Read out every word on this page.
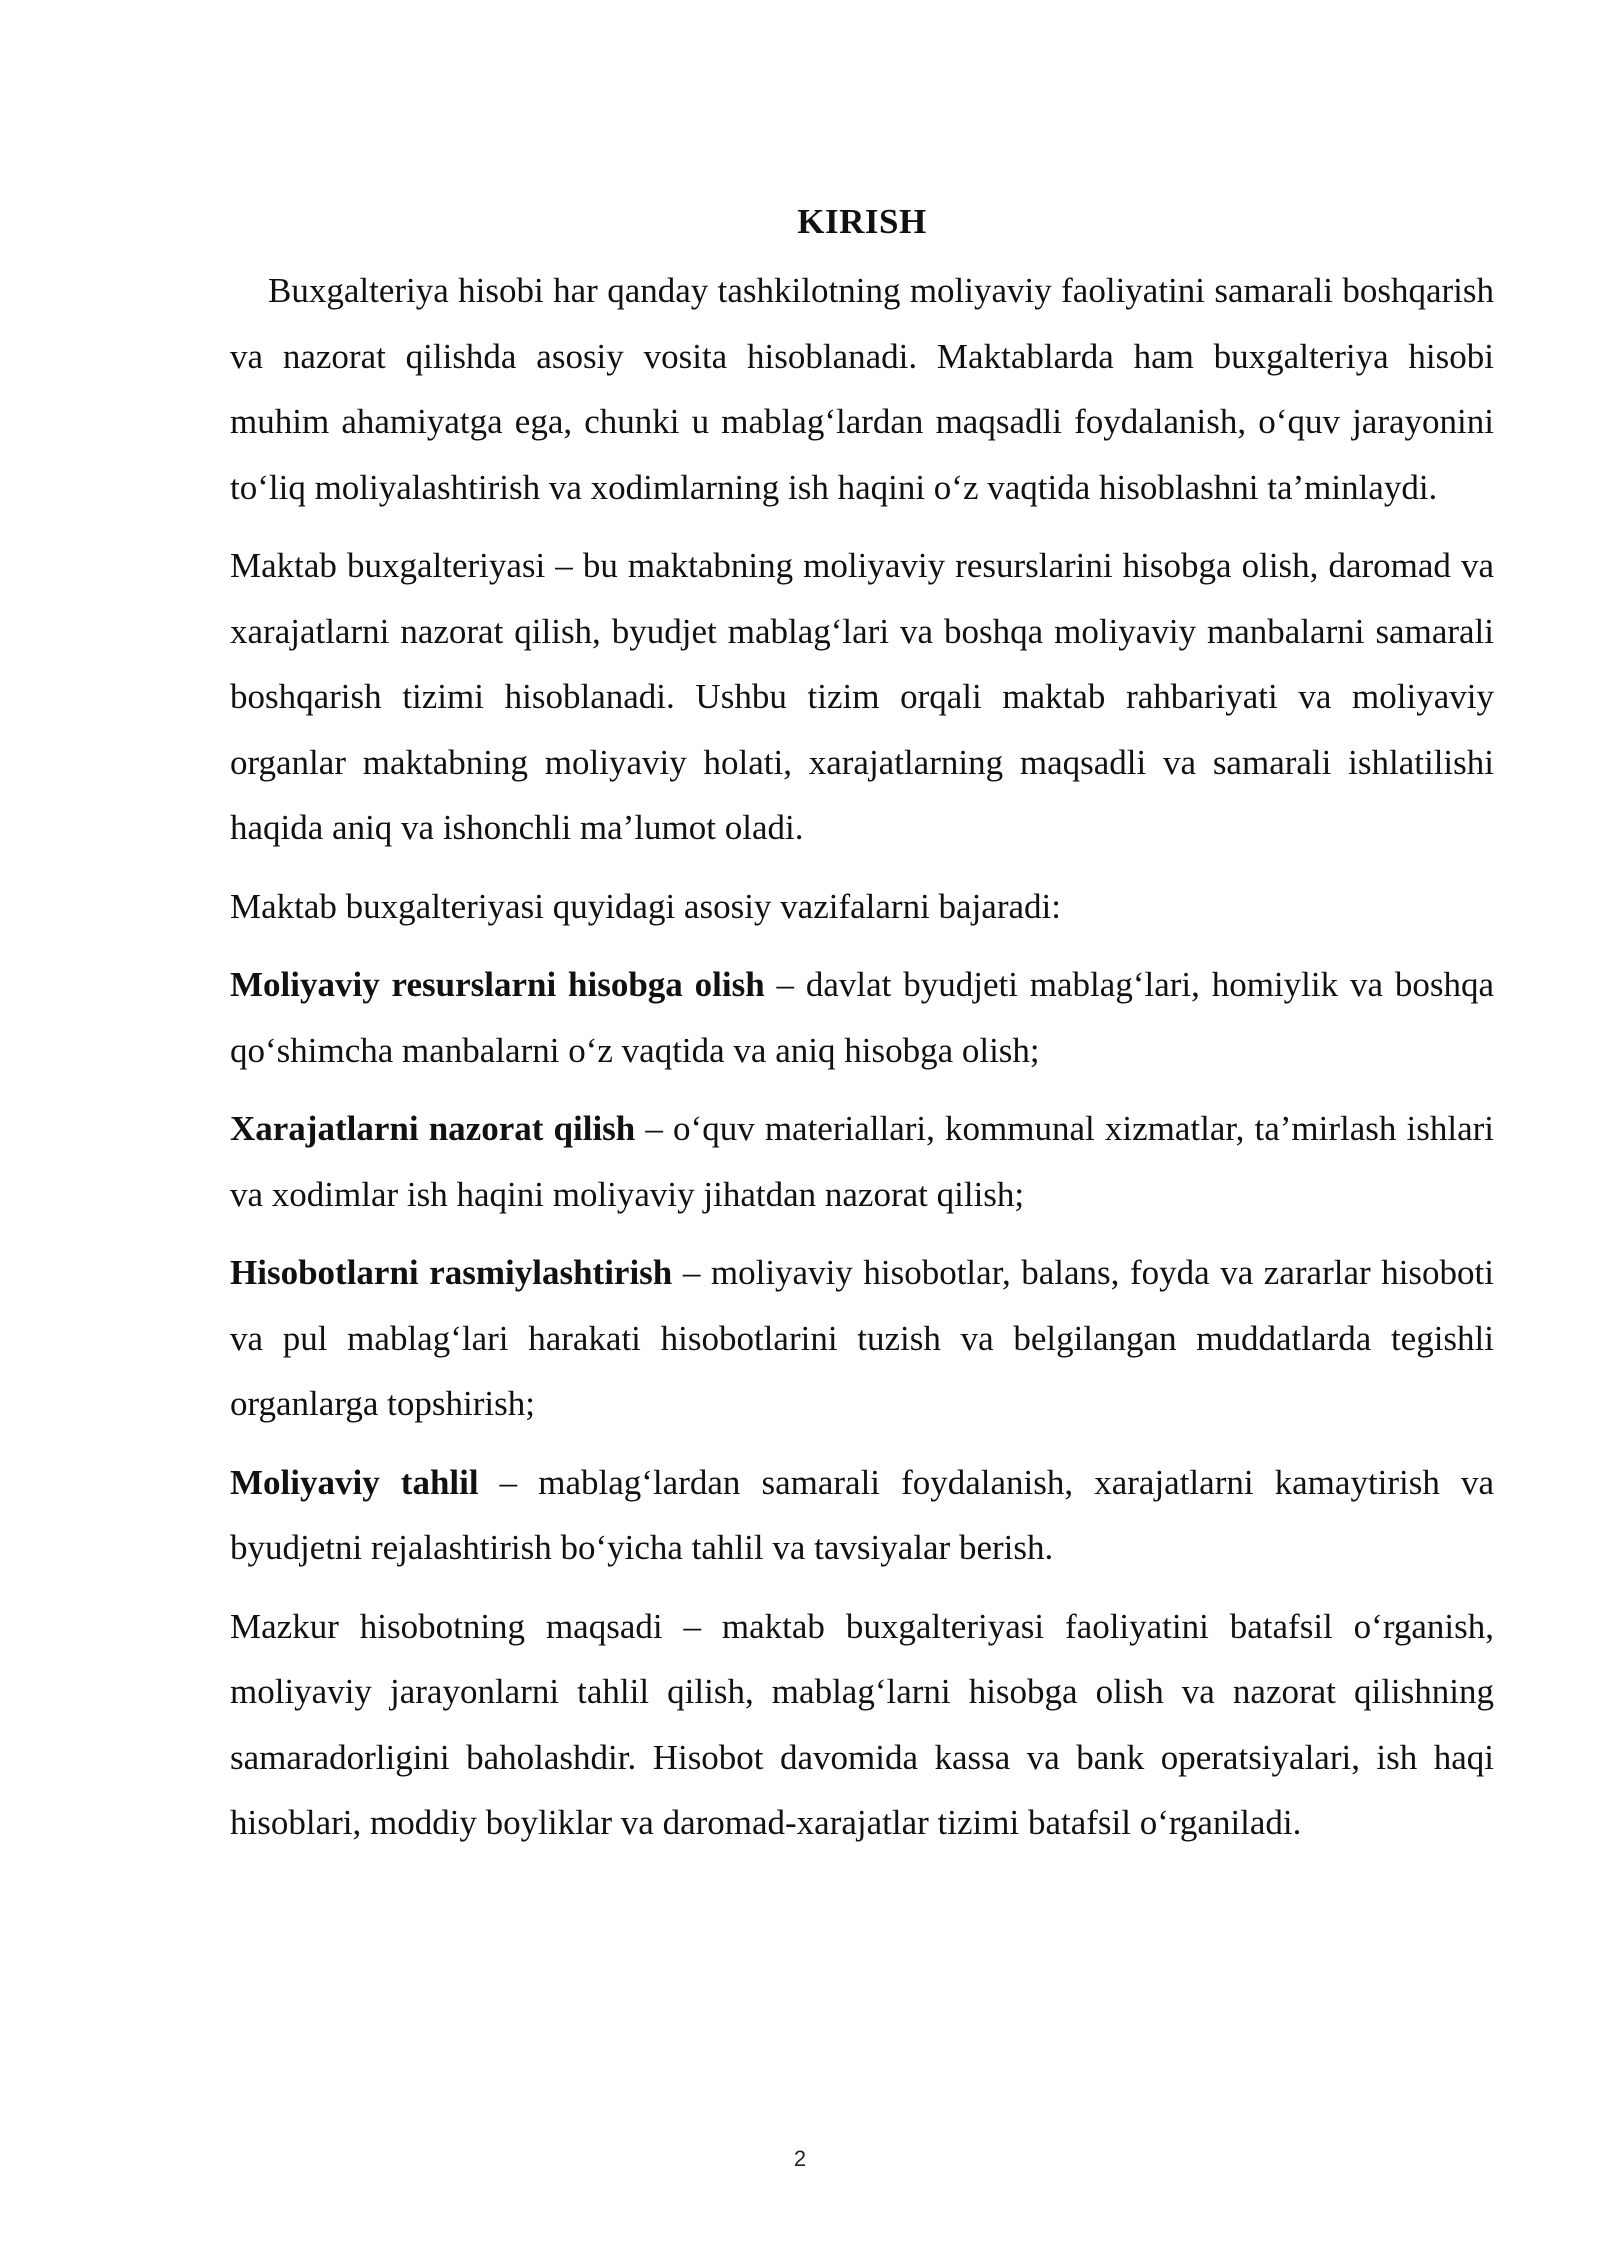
KIRISH

Buxgalteriya hisobi har qanday tashkilotning moliyaviy faoliyatini samarali boshqarish va nazorat qilishda asosiy vosita hisoblanadi. Maktablarda ham buxgalteriya hisobi muhim ahamiyatga ega, chunki u mablag‘lardan maqsadli foydalanish, o‘quv jarayonini to‘liq moliyalashtirish va xodimlarning ish haqini o‘z vaqtida hisoblashni ta’minlaydi.

Maktab buxgalteriyasi – bu maktabning moliyaviy resurslarini hisobga olish, daromad va xarajatlarni nazorat qilish, byudjet mablag‘lari va boshqa moliyaviy manbalarni samarali boshqarish tizimi hisoblanadi. Ushbu tizim orqali maktab rahbariyati va moliyaviy organlar maktabning moliyaviy holati, xarajatlarning maqsadli va samarali ishlatilishi haqida aniq va ishonchli ma’lumot oladi.

Maktab buxgalteriyasi quyidagi asosiy vazifalarni bajaradi:

Moliyaviy resurslarni hisobga olish – davlat byudjeti mablag‘lari, homiylik va boshqa qo‘shimcha manbalarni o‘z vaqtida va aniq hisobga olish;

Xarajatlarni nazorat qilish – o‘quv materiallari, kommunal xizmatlar, ta’mirlash ishlari va xodimlar ish haqini moliyaviy jihatdan nazorat qilish;

Hisobotlarni rasmiylashtirish – moliyaviy hisobotlar, balans, foyda va zararlar hisoboti va pul mablag‘lari harakati hisobotlarini tuzish va belgilangan muddatlarda tegishli organlarga topshirish;

Moliyaviy tahlil – mablag‘lardan samarali foydalanish, xarajatlarni kamaytirish va byudjetni rejalashtirish bo‘yicha tahlil va tavsiyalar berish.

Mazkur hisobotning maqsadi – maktab buxgalteriyasi faoliyatini batafsil o‘rganish, moliyaviy jarayonlarni tahlil qilish, mablag‘larni hisobga olish va nazorat qilishning samaradorligini baholashdir. Hisobot davomida kassa va bank operatsiyalari, ish haqi hisoblari, moddiy boyliklar va daromad-xarajatlar tizimi batafsil o‘rganiladi.

2
